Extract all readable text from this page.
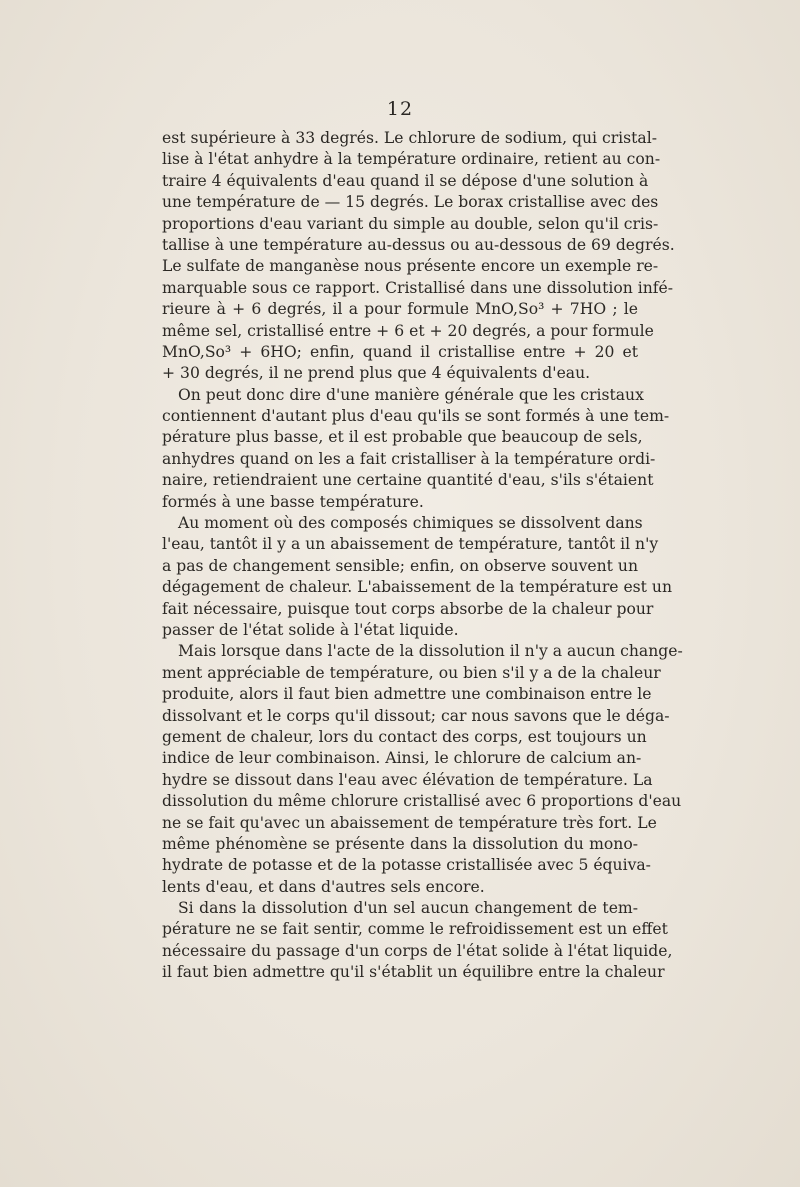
12
est supérieure à 33 degrés. Le chlorure de sodium, qui cristal-
lise à l'état anhydre à la température ordinaire, retient au con-
traire 4 équivalents d'eau quand il se dépose d'une solution à
une température de — 15 degrés. Le borax cristallise avec des
proportions d'eau variant du simple au double, selon qu'il cris-
tallise à une température au-dessus ou au-dessous de 69 degrés.
Le sulfate de manganèse nous présente encore un exemple re-
marquable sous ce rapport. Cristallisé dans une dissolution infé-
rieure à + 6 degrés, il a pour formule MnO,So³ + 7HO ; le
même sel, cristallisé entre + 6 et + 20 degrés, a pour formule
MnO,So³ + 6HO; enfin, quand il cristallise entre + 20 et
+ 30 degrés, il ne prend plus que 4 équivalents d'eau.
On peut donc dire d'une manière générale que les cristaux
contiennent d'autant plus d'eau qu'ils se sont formés à une tem-
pérature plus basse, et il est probable que beaucoup de sels,
anhydres quand on les a fait cristalliser à la température ordi-
naire, retiendraient une certaine quantité d'eau, s'ils s'étaient
formés à une basse température.
Au moment où des composés chimiques se dissolvent dans
l'eau, tantôt il y a un abaissement de température, tantôt il n'y
a pas de changement sensible; enfin, on observe souvent un
dégagement de chaleur. L'abaissement de la température est un
fait nécessaire, puisque tout corps absorbe de la chaleur pour
passer de l'état solide à l'état liquide.
Mais lorsque dans l'acte de la dissolution il n'y a aucun change-
ment appréciable de température, ou bien s'il y a de la chaleur
produite, alors il faut bien admettre une combinaison entre le
dissolvant et le corps qu'il dissout; car nous savons que le déga-
gement de chaleur, lors du contact des corps, est toujours un
indice de leur combinaison. Ainsi, le chlorure de calcium an-
hydre se dissout dans l'eau avec élévation de température. La
dissolution du même chlorure cristallisé avec 6 proportions d'eau
ne se fait qu'avec un abaissement de température très fort. Le
même phénomène se présente dans la dissolution du mono-
hydrate de potasse et de la potasse cristallisée avec 5 équiva-
lents d'eau, et dans d'autres sels encore.
Si dans la dissolution d'un sel aucun changement de tem-
pérature ne se fait sentir, comme le refroidissement est un effet
nécessaire du passage d'un corps de l'état solide à l'état liquide,
il faut bien admettre qu'il s'établit un équilibre entre la chaleur
